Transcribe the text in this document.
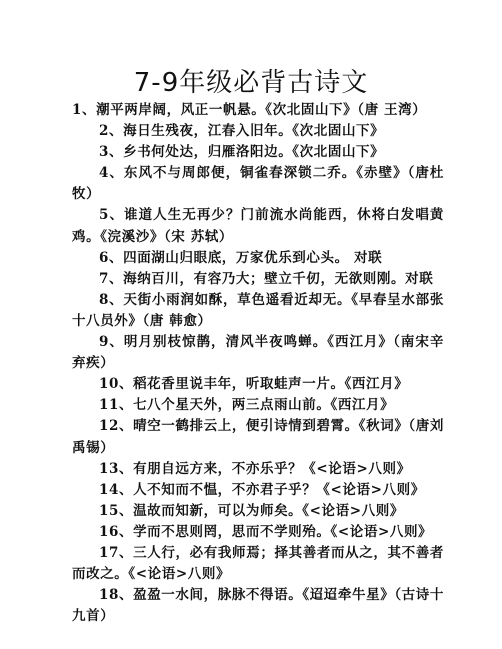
7-9年级必背古诗文

1、潮平两岸阔，风正一帆悬。《次北固山下》（唐 王湾）

2、海日生残夜，江春入旧年。《次北固山下》

3、乡书何处达，归雁洛阳边。《次北固山下》

4、东风不与周郎便，铜雀春深锁二乔。《赤壁》（唐杜牧）

5、谁道人生无再少？门前流水尚能西，休将白发唱黄鸡。《浣溪沙》（宋 苏轼）

6、四面湖山归眼底，万家优乐到心头。 对联

7、海纳百川，有容乃大；壁立千仞，无欲则刚。对联

8、天街小雨润如酥，草色遥看近却无。《早春呈水部张十八员外》（唐 韩愈）

9、明月别枝惊鹊，清风半夜鸣蝉。《西江月》（南宋辛弃疾）

10、稻花香里说丰年，听取蛙声一片。《西江月》

11、七八个星天外，两三点雨山前。《西江月》

12、晴空一鹤排云上，便引诗情到碧霄。《秋词》（唐刘禹锡）

13、有朋自远方来，不亦乐乎？《<论语>八则》

14、人不知而不愠，不亦君子乎？《<论语>八则》

15、温故而知新，可以为师矣。《<论语>八则》

16、学而不思则罔，思而不学则殆。《<论语>八则》

17、三人行，必有我师焉；择其善者而从之，其不善者而改之。《<论语>八则》

18、盈盈一水间，脉脉不得语。《迢迢牵牛星》（古诗十九首）
